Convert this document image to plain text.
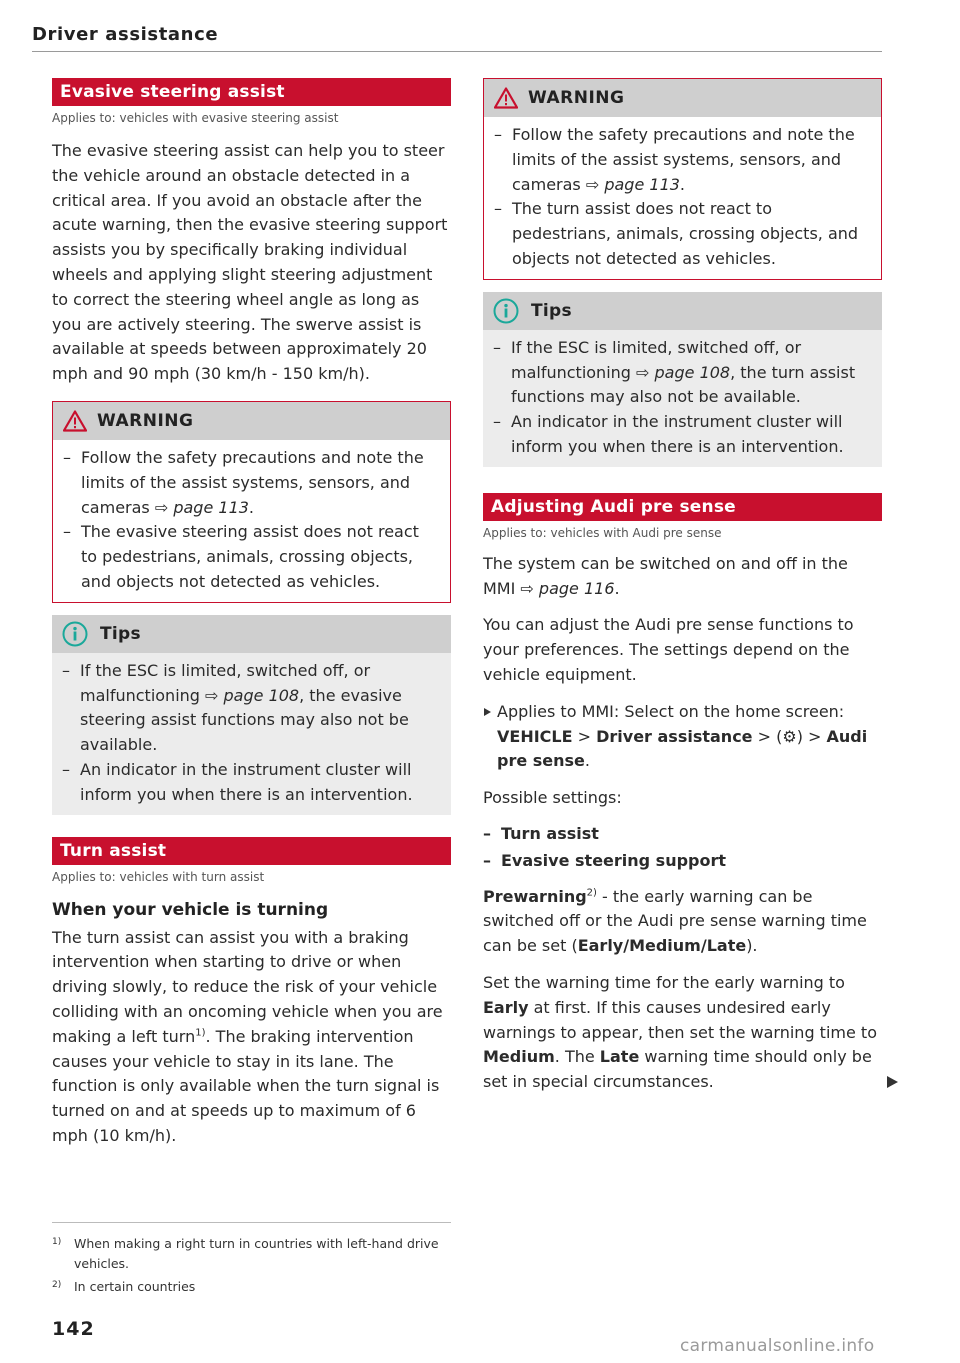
Driver assistance
Evasive steering assist
Applies to: vehicles with evasive steering assist

The evasive steering assist can help you to steer the vehicle around an obstacle detected in a critical area. If you avoid an obstacle after the acute warning, then the evasive steering support assists you by specifically braking individual wheels and applying slight steering adjustment to correct the steering wheel angle as long as you are actively steering. The swerve assist is available at speeds between approximately 20 mph and 90 mph (30 km/h - 150 km/h).

WARNING
– Follow the safety precautions and note the limits of the assist systems, sensors, and cameras ⇨ page 113.
– The evasive steering assist does not react to pedestrians, animals, crossing objects, and objects not detected as vehicles.
Tips
– If the ESC is limited, switched off, or malfunctioning ⇨ page 108, the evasive steering assist functions may also not be available.
– An indicator in the instrument cluster will inform you when there is an intervention.
Turn assist
Applies to: vehicles with turn assist
When your vehicle is turning

The turn assist can assist you with a braking intervention when starting to drive or when driving slowly, to reduce the risk of your vehicle colliding with an oncoming vehicle when you are making a left turn$^{1)}$. The braking intervention causes your vehicle to stay in its lane. The function is only available when the turn signal is turned on and at speeds up to maximum of 6 mph (10 km/h).

WARNING
– Follow the safety precautions and note the limits of the assist systems, sensors, and cameras ⇨ page 113.
– The turn assist does not react to pedestrians, animals, crossing objects, and objects not detected as vehicles.
Tips
– If the ESC is limited, switched off, or malfunctioning ⇨ page 108, the turn assist functions may also not be available.
– An indicator in the instrument cluster will inform you when there is an intervention.
Adjusting Audi pre sense
Applies to: vehicles with Audi pre sense

The system can be switched on and off in the MMI ⇨ page 116.

You can adjust the Audi pre sense functions to your preferences. The settings depend on the vehicle equipment.

Applies to MMI: Select on the home screen: VEHICLE > Driver assistance > (⚙) > Audi pre sense.

Possible settings:

– Turn assist
– Evasive steering support

Prewarning$^{2)}$ - the early warning can be switched off or the Audi pre sense warning time can be set (Early/Medium/Late).

Set the warning time for the early warning to Early at first. If this causes undesired early warnings to appear, then set the warning time to Medium. The Late warning time should only be set in special circumstances.

1) When making a right turn in countries with left-hand drive vehicles.
2) In certain countries
142
carmanualsonline.info
